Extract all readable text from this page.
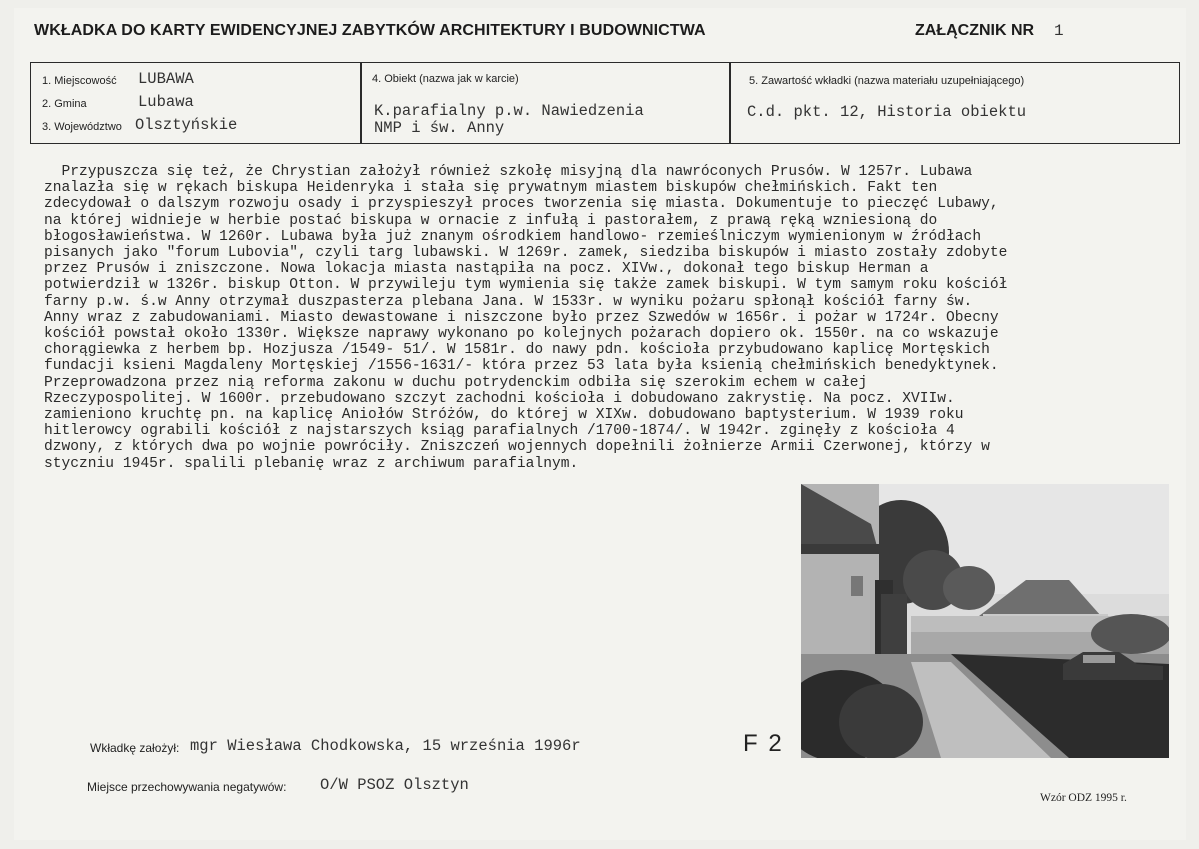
WKŁADKA DO KARTY EWIDENCYJNEJ ZABYTKÓW ARCHITEKTURY I BUDOWNICTWA	ZAŁĄCZNIK NR 1
1. Miejscowość LUBAWA
2. Gmina	Lubawa
3. Województwo Olsztyńskie
4. Obiekt (nazwa jak w karcie)
K.parafialny p.w. Nawiedzenia
NMP i św. Anny
5. Zawartość wkładki (nazwa materiału uzupełniającego)
C.d. pkt. 12, Historia obiektu
Przypuszcza się też, że Chrystian założył również szkołę misyjną dla nawróconych Prusów. W 1257r. Lubawa
znalazła się w rękach biskupa Heidenryka i stała się prywatnym miastem biskupów chełmińskich. Fakt ten
zdecydował o dalszym rozwoju osady i przyspieszył proces tworzenia się miasta. Dokumentuje to pieczęć Lubawy,
na której widnieje w herbie postać biskupa w ornacie z infułą i pastorałem, z prawą ręką wzniesioną do
błogosławieństwa. W 1260r. Lubawa była już znanym ośrodkiem handlowo- rzemieślniczym wymienionym w źródłach
pisanych jako "forum Lubovia", czyli targ lubawski. W 1269r. zamek, siedziba biskupów i miasto zostały zdobyte
przez Prusów i zniszczone. Nowa lokacja miasta nastąpiła na pocz. XIVw., dokonał tego biskup Herman a
potwierdził w 1326r. biskup Otton. W przywileju tym wymienia się także zamek biskupi. W tym samym roku kościół
farny p.w. ś.w Anny otrzymał duszpasterza plebana Jana. W 1533r. w wyniku pożaru spłonął kościół farny św.
Anny wraz z zabudowaniami. Miasto dewastowane i niszczone było przez Szwedów w 1656r. i pożar w 1724r. Obecny
kościół powstał około 1330r. Większe naprawy wykonano po kolejnych pożarach dopiero ok. 1550r. na co wskazuje
chorągiewka z herbem bp. Hozjusza /1549- 51/. W 1581r. do nawy pdn. kościoła przybudowano kaplicę Mortęskich
fundacji ksieni Magdaleny Mortęskiej /1556-1631/- która przez 53 lata była ksienią chełmińskich benedyktynek.
Przeprowadzona przez nią reforma zakonu w duchu potrydenckim odbiła się szerokim echem w całej
Rzeczypospolitej. W 1600r. przebudowano szczyt zachodni kościoła i dobudowano zakrystię. Na pocz. XVIIw.
zamieniono kruchtę pn. na kaplicę Aniołów Stróżów, do której w XIXw. dobudowano baptysterium. W 1939 roku
hitlerowcy ograbili kościół z najstarszych ksiąg parafialnych /1700-1874/. W 1942r. zginęły z kościoła 4
dzwony, z których dwa po wojnie powróciły. Zniszczeń wojennych dopełnili żołnierze Armii Czerwonej, którzy w
styczniu 1945r. spalili plebanię wraz z archiwum parafialnym.
Wkładkę założył: mgr Wiesława Chodkowska, 15 września 1996r	F 2
Miejsce przechowywania negatywów: O/W PSOZ Olsztyn
Wzór ODZ 1995 r.
